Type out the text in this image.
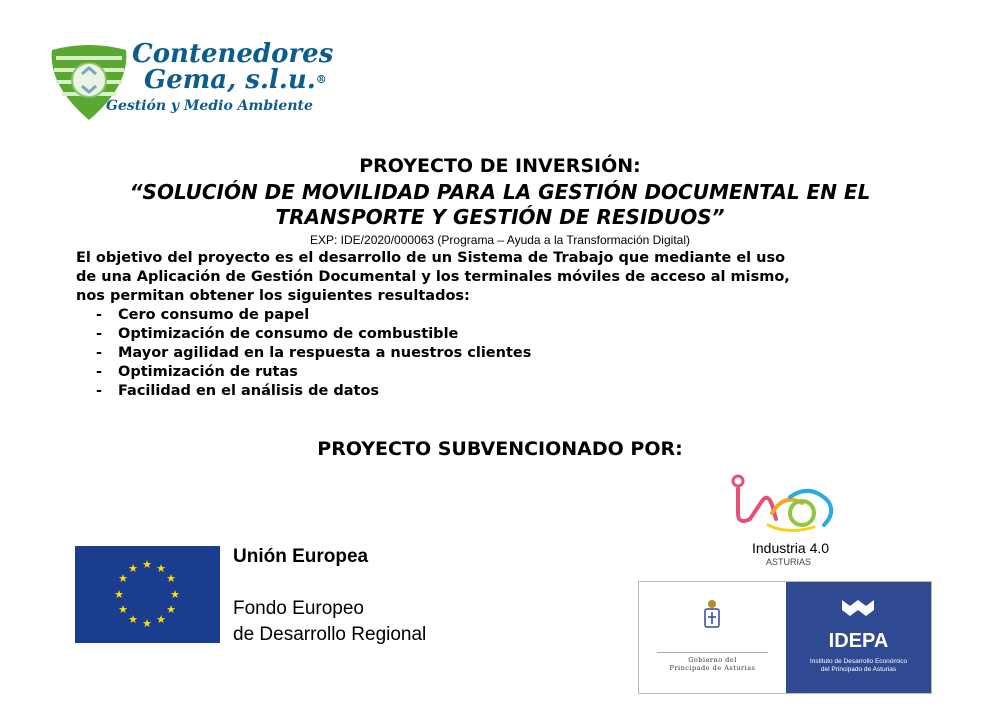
Contenedores
Gema, s.l.u.®
Gestión y Medio Ambiente
PROYECTO DE INVERSIÓN:
“SOLUCIÓN DE MOVILIDAD PARA LA GESTIÓN DOCUMENTAL EN EL
TRANSPORTE Y GESTIÓN DE RESIDUOS”
EXP: IDE/2020/000063 (Programa – Ayuda a la Transformación Digital)
El objetivo del proyecto es el desarrollo de un Sistema de Trabajo que mediante el uso
de una Aplicación de Gestión Documental y los terminales móviles de acceso al mismo,
nos permitan obtener los siguientes resultados:
- Cero consumo de papel
- Optimización de consumo de combustible
- Mayor agilidad en la respuesta a nuestros clientes
- Optimización de rutas
- Facilidad en el análisis de datos
PROYECTO SUBVENCIONADO POR:
★ ★
★
★
★
★
★
★
★
★
★
★
Unión Europea
Fondo Europeo
de Desarrollo Regional
Industria 4.0
ASTURIAS
Gobierno del
Principado de Asturias
IDEPA
Instituto de Desarrollo Económico
del Principado de Asturias
